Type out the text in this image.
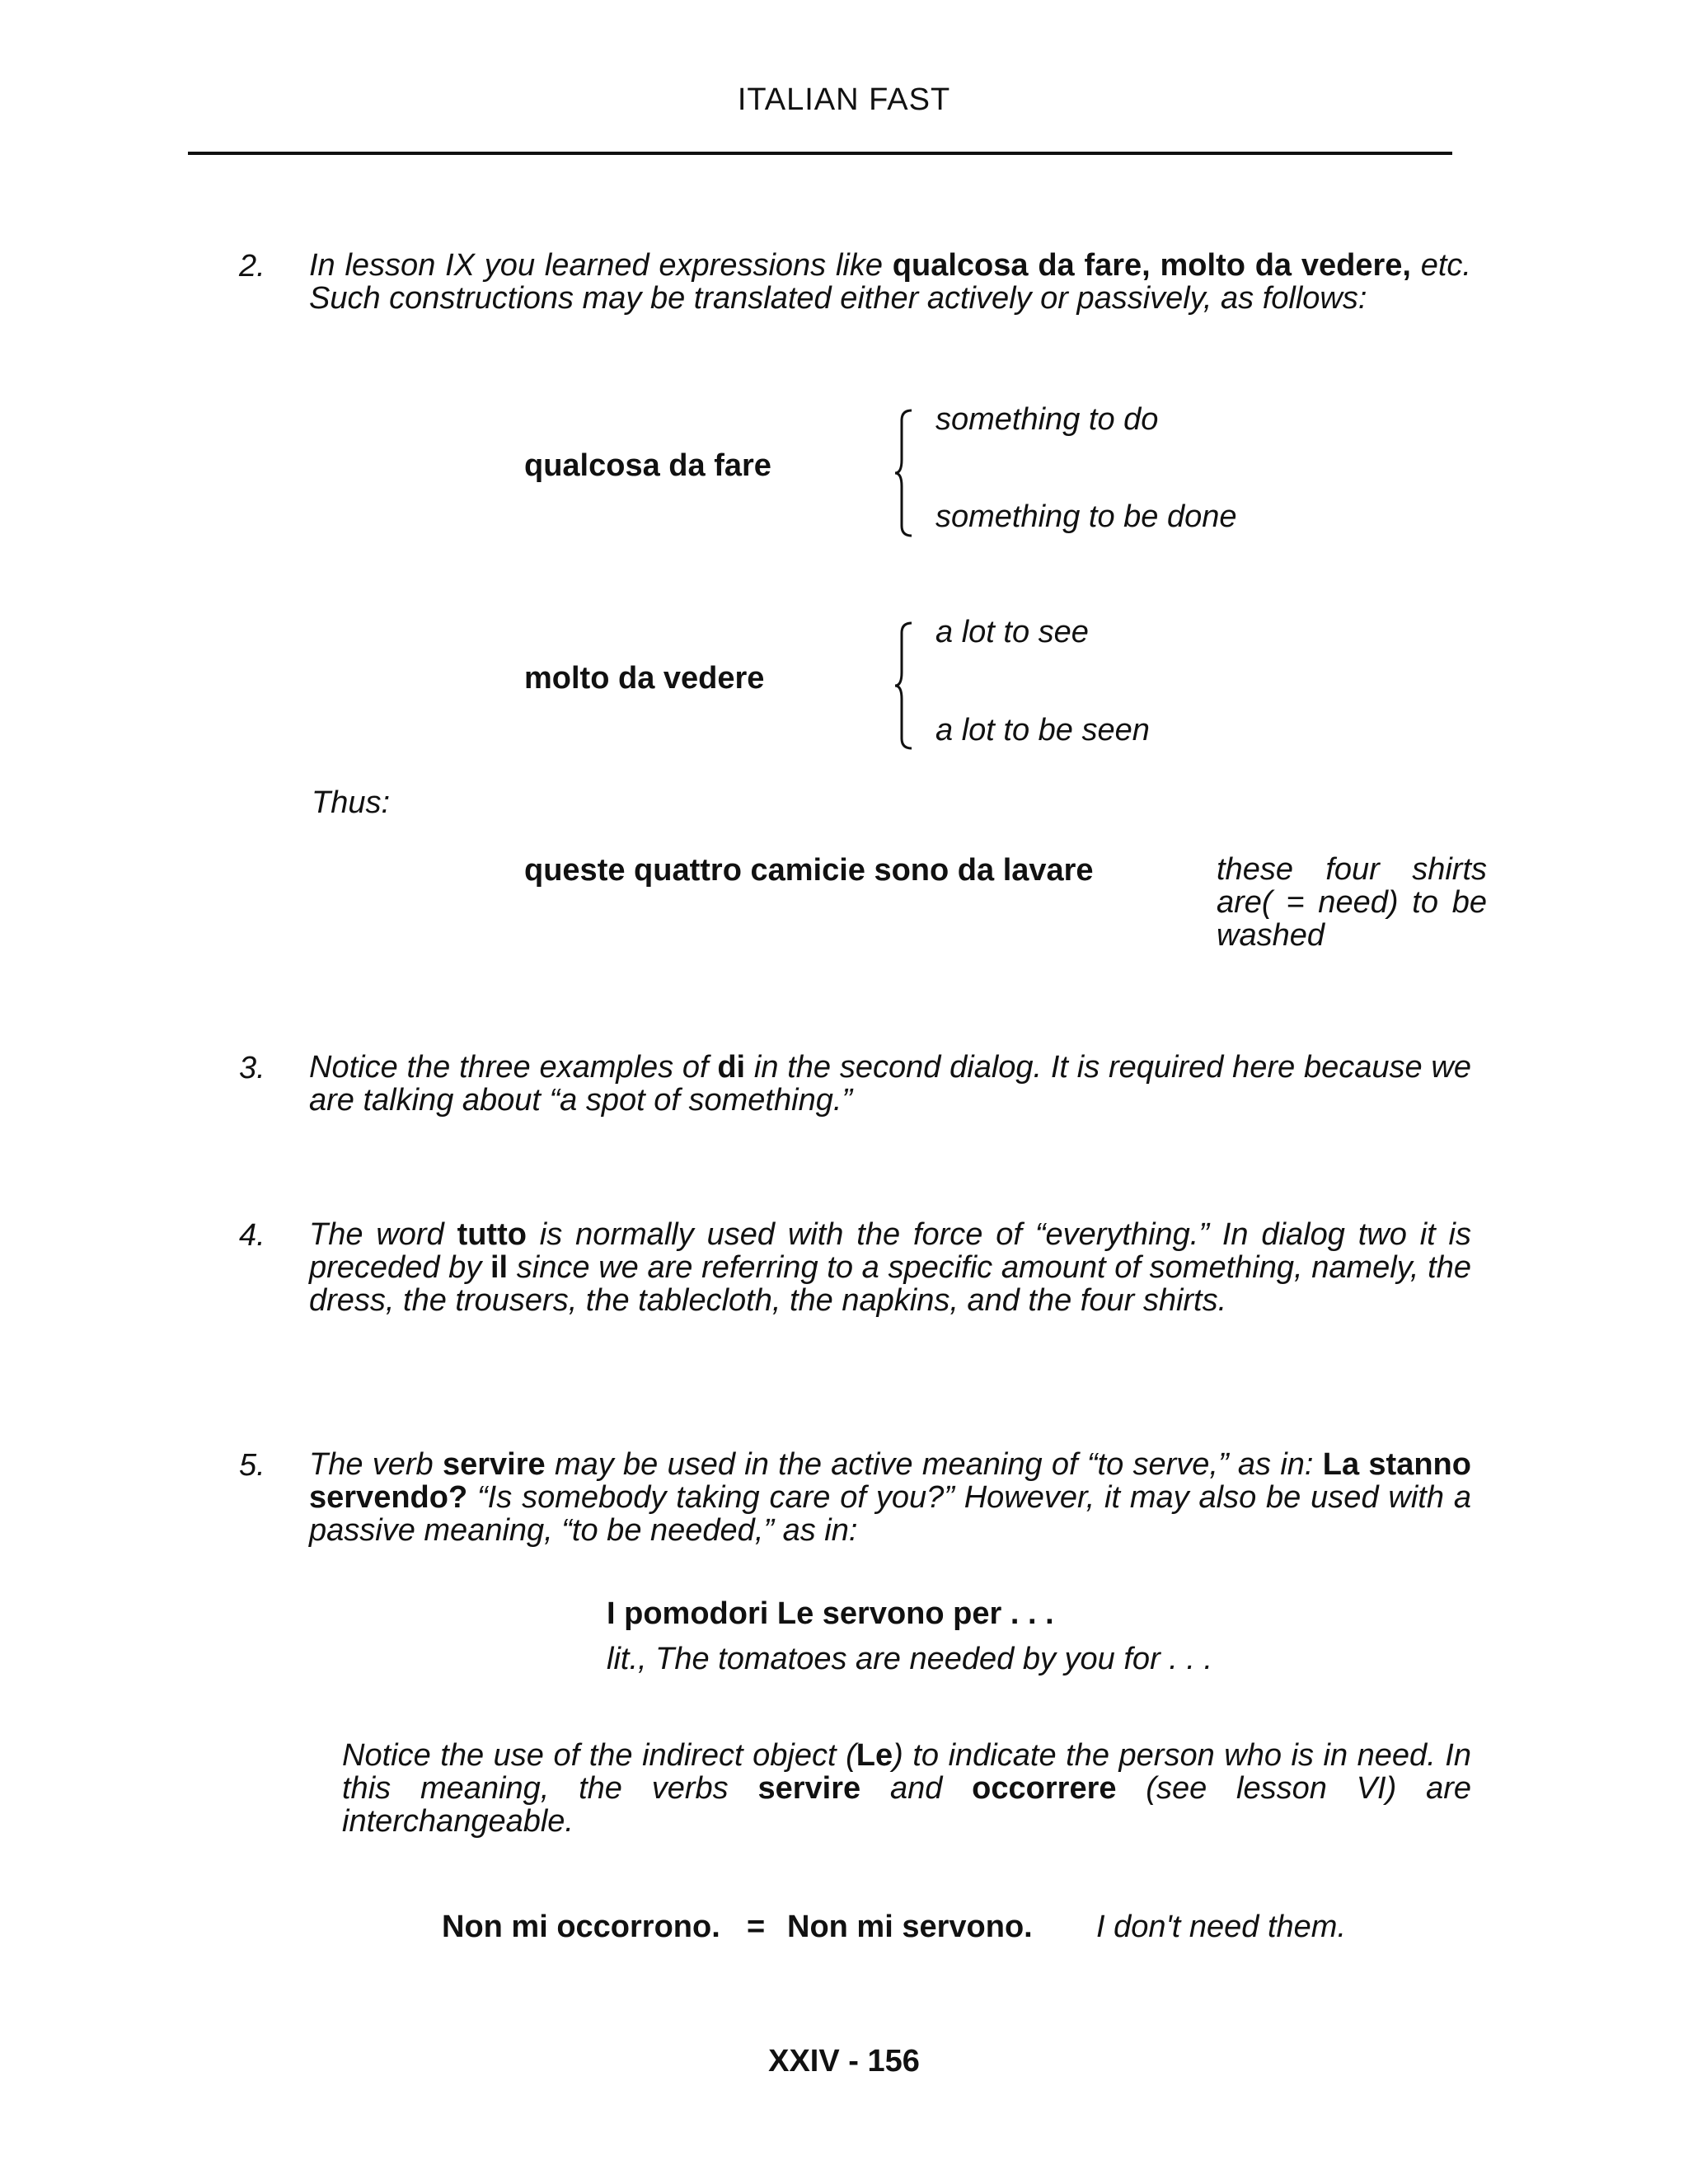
ITALIAN FAST
2. In lesson IX you learned expressions like qualcosa da fare, molto da vedere, etc. Such constructions may be translated either actively or passively, as follows:
qualcosa da fare
something to do
something to be done
molto da vedere
a lot to see
a lot to be seen
Thus:
queste quattro camicie sono da lavare	these four shirts are( = need) to be washed
3. Notice the three examples of di in the second dialog. It is required here because we are talking about “a spot of something.”
4. The word tutto is normally used with the force of “everything.” In dialog two it is preceded by il since we are referring to a specific amount of something, namely, the dress, the trousers, the tablecloth, the napkins, and the four shirts.
5. The verb servire may be used in the active meaning of “to serve,” as in: La stanno servendo? “Is somebody taking care of you?” However, it may also be used with a passive meaning, “to be needed,” as in:
I pomodori Le servono per . . .
lit., The tomatoes are needed by you for . . .
Notice the use of the indirect object (Le) to indicate the person who is in need. In this meaning, the verbs servire and occorrere (see lesson VI) are interchangeable.
Non mi occorrono. = Non mi servono. I don't need them.
XXIV - 156
